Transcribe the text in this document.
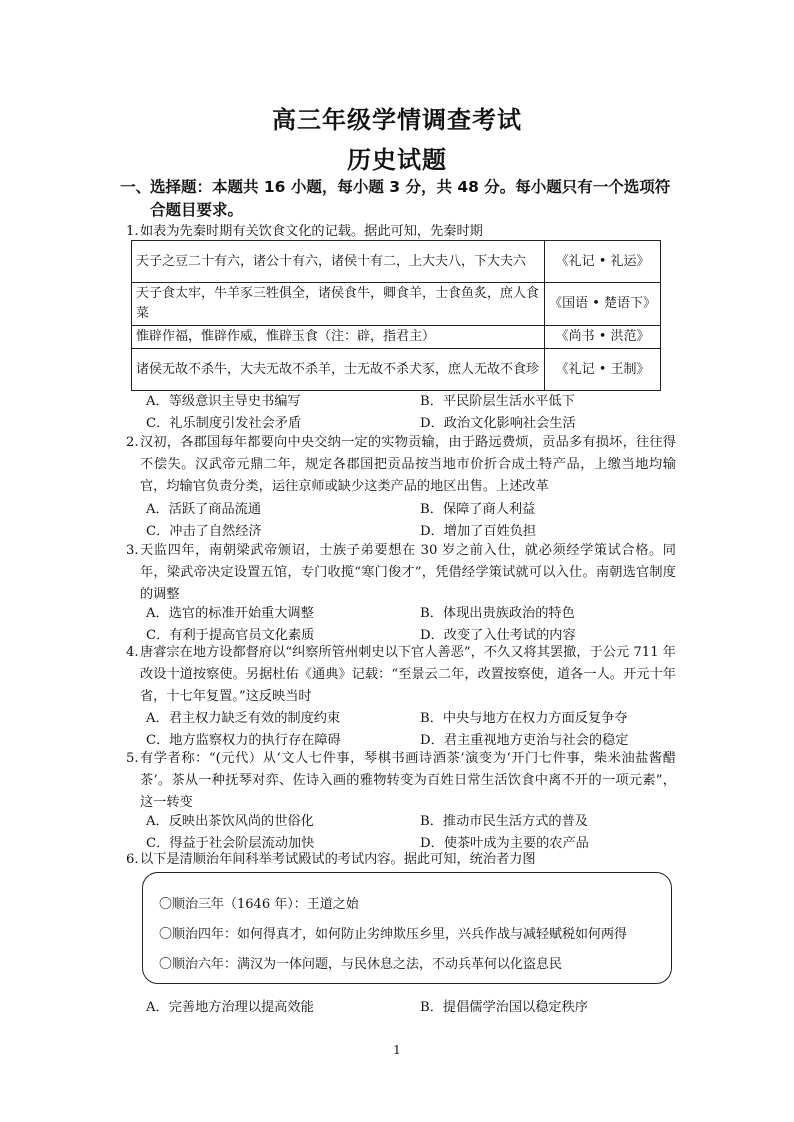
高三年级学情调查考试
历史试题
一、
选择题：本题共 16 小题，每小题 3 分，共 48 分。每小题只有一个选项符合题目要求。
1. 如表为先秦时期有关饮食文化的记载。据此可知，先秦时期
天子之豆二十有六，诸公十有六，诸侯十有二，上大夫八，下大夫六	《礼记 • 礼运》
天子食太牢，牛羊豕三牲俱全，诸侯食牛，卿食羊，士食鱼炙，庶人食菜	《国语 • 楚语下》
惟辟作福，惟辟作威，惟辟玉食（注：辟，指君主）	《尚书 • 洪范》
诸侯无故不杀牛，大夫无故不杀羊，士无故不杀犬豕，庶人无故不食珍	《礼记 • 王制》
A．等级意识主导史书编写	B．平民阶层生活水平低下
C．礼乐制度引发社会矛盾	D．政治文化影响社会生活
2. 汉初，各郡国每年都要向中央交纳一定的实物贡输，由于路远费烦，贡品多有损坏，往往得不偿失。汉武帝元鼎二年，规定各郡国把贡品按当地市价折合成土特产品，上缴当地均输官，均输官负责分类，运往京师或缺少这类产品的地区出售。上述改革
A．活跃了商品流通	B．保障了商人利益
C．冲击了自然经济	D．增加了百姓负担
3. 天监四年，南朝梁武帝颁诏，士族子弟要想在 30 岁之前入仕，就必须经学策试合格。同年，梁武帝决定设置五馆，专门收揽“寒门俊才”，凭借经学策试就可以入仕。南朝选官制度的调整
A．选官的标准开始重大调整	B．体现出贵族政治的特色
C．有利于提高官员文化素质	D．改变了入仕考试的内容
4. 唐睿宗在地方设都督府以“纠察所管州刺史以下官人善恶”，不久又将其罢撤，于公元 711 年改设十道按察使。另据杜佑《通典》记载：“至景云二年，改置按察使，道各一人。开元十年省，十七年复置。”这反映当时
A．君主权力缺乏有效的制度约束	B．中央与地方在权力方面反复争夺
C．地方监察权力的执行存在障碍	D．君主重视地方吏治与社会的稳定
5. 有学者称：“(元代）从‘文人七件事，琴棋书画诗酒茶’演变为‘开门七件事，柴米油盐酱醋茶’。茶从一种抚琴对弈、佐诗入画的雅物转变为百姓日常生活饮食中离不开的一项元素”，这一转变
A．反映出茶饮风尚的世俗化	B．推动市民生活方式的普及
C．得益于社会阶层流动加快	D．使茶叶成为主要的农产品
6. 以下是清顺治年间科举考试殿试的考试内容。据此可知，统治者力图
〇顺治三年（1646 年）：王道之始
〇顺治四年：如何得真才，如何防止劣绅欺压乡里，兴兵作战与减轻赋税如何两得
〇顺治六年：满汉为一体问题，与民休息之法，不动兵革何以化盗息民
A．完善地方治理以提高效能	B．提倡儒学治国以稳定秩序
1
